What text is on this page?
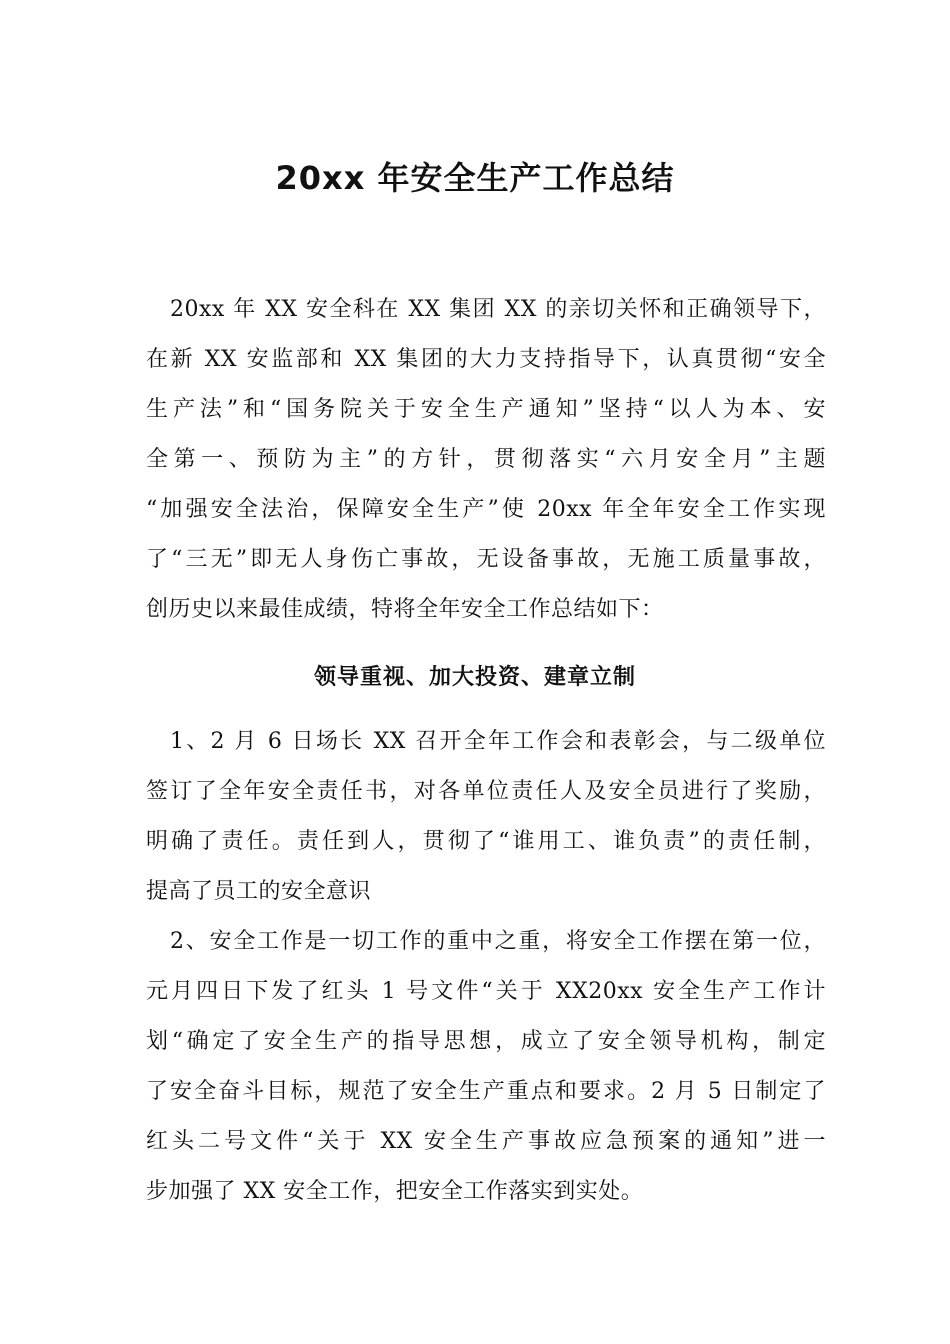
20xx 年安全生产工作总结
20xx 年 XX 安全科在 XX 集团 XX 的亲切关怀和正确领导下，
在新 XX 安监部和 XX 集团的大力支持指导下，认真贯彻“安全
生产法”和“国务院关于安全生产通知”坚持“以人为本、安
全第一、预防为主”的方针，贯彻落实“六月安全月”主题
“加强安全法治，保障安全生产”使 20xx 年全年安全工作实现
了“三无”即无人身伤亡事故，无设备事故，无施工质量事故，
创历史以来最佳成绩，特将全年安全工作总结如下：
领导重视、加大投资、建章立制
1、2 月 6 日场长 XX 召开全年工作会和表彰会，与二级单位
签订了全年安全责任书，对各单位责任人及安全员进行了奖励，
明确了责任。责任到人，贯彻了“谁用工、谁负责”的责任制，
提高了员工的安全意识
2、安全工作是一切工作的重中之重，将安全工作摆在第一位，
元月四日下发了红头 1 号文件“关于 XX20xx 安全生产工作计
划“确定了安全生产的指导思想，成立了安全领导机构，制定
了安全奋斗目标，规范了安全生产重点和要求。2 月 5 日制定了
红头二号文件“关于 XX 安全生产事故应急预案的通知”进一
步加强了 XX 安全工作，把安全工作落实到实处。
